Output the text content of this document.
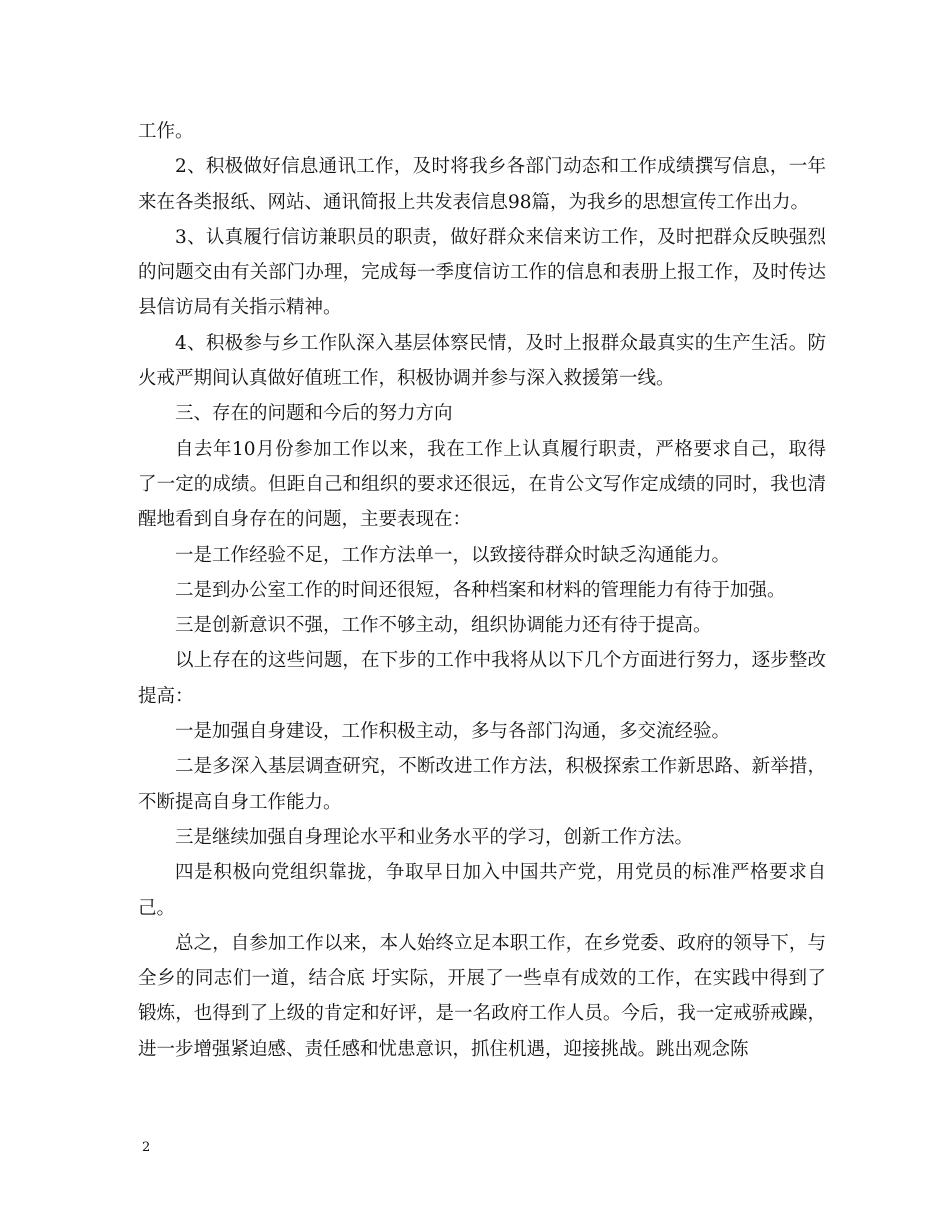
工作。

2、积极做好信息通讯工作，及时将我乡各部门动态和工作成绩撰写信息，一年来在各类报纸、网站、通讯简报上共发表信息98篇，为我乡的思想宣传工作出力。

3、认真履行信访兼职员的职责，做好群众来信来访工作，及时把群众反映强烈的问题交由有关部门办理，完成每一季度信访工作的信息和表册上报工作，及时传达县信访局有关指示精神。

4、积极参与乡工作队深入基层体察民情，及时上报群众最真实的生产生活。防火戒严期间认真做好值班工作，积极协调并参与深入救援第一线。

三、存在的问题和今后的努力方向

自去年10月份参加工作以来，我在工作上认真履行职责，严格要求自己，取得了一定的成绩。但距自己和组织的要求还很远，在肯公文写作定成绩的同时，我也清醒地看到自身存在的问题，主要表现在：

一是工作经验不足，工作方法单一，以致接待群众时缺乏沟通能力。

二是到办公室工作的时间还很短，各种档案和材料的管理能力有待于加强。

三是创新意识不强，工作不够主动，组织协调能力还有待于提高。

以上存在的这些问题，在下步的工作中我将从以下几个方面进行努力，逐步整改提高：

一是加强自身建设，工作积极主动，多与各部门沟通，多交流经验。

二是多深入基层调查研究，不断改进工作方法，积极探索工作新思路、新举措，不断提高自身工作能力。

三是继续加强自身理论水平和业务水平的学习，创新工作方法。

四是积极向党组织靠拢，争取早日加入中国共产党，用党员的标准严格要求自己。

总之，自参加工作以来，本人始终立足本职工作，在乡党委、政府的领导下，与全乡的同志们一道，结合底 圩实际，开展了一些卓有成效的工作，在实践中得到了锻炼，也得到了上级的肯定和好评，是一名政府工作人员。今后，我一定戒骄戒躁，进一步增强紧迫感、责任感和忧患意识，抓住机遇，迎接挑战。跳出观念陈

2
